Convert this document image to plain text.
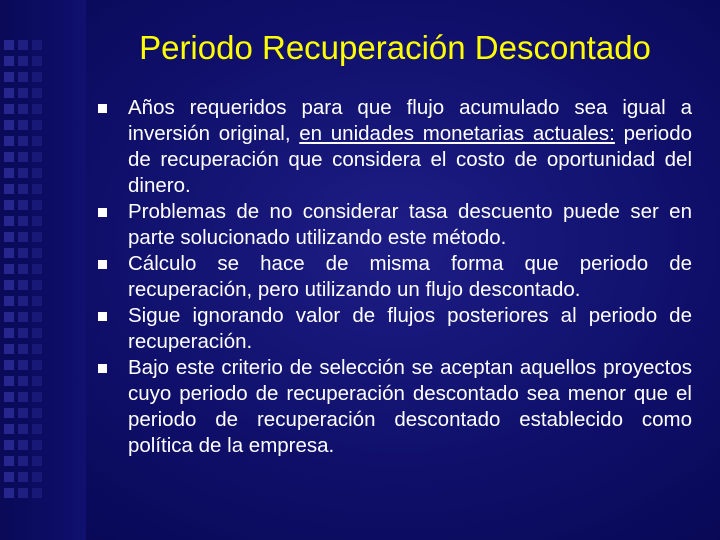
Periodo Recuperación Descontado
Años requeridos para que flujo acumulado sea igual a inversión original, en unidades monetarias actuales: periodo de recuperación que considera el costo de oportunidad del dinero.
Problemas de no considerar tasa descuento puede ser en parte solucionado utilizando este método.
Cálculo se hace de misma forma que periodo de recuperación, pero utilizando un flujo descontado.
Sigue ignorando valor de flujos posteriores al periodo de recuperación.
Bajo este criterio de selección se aceptan aquellos proyectos cuyo periodo de recuperación descontado sea menor que el periodo de recuperación descontado establecido como política de la empresa.
